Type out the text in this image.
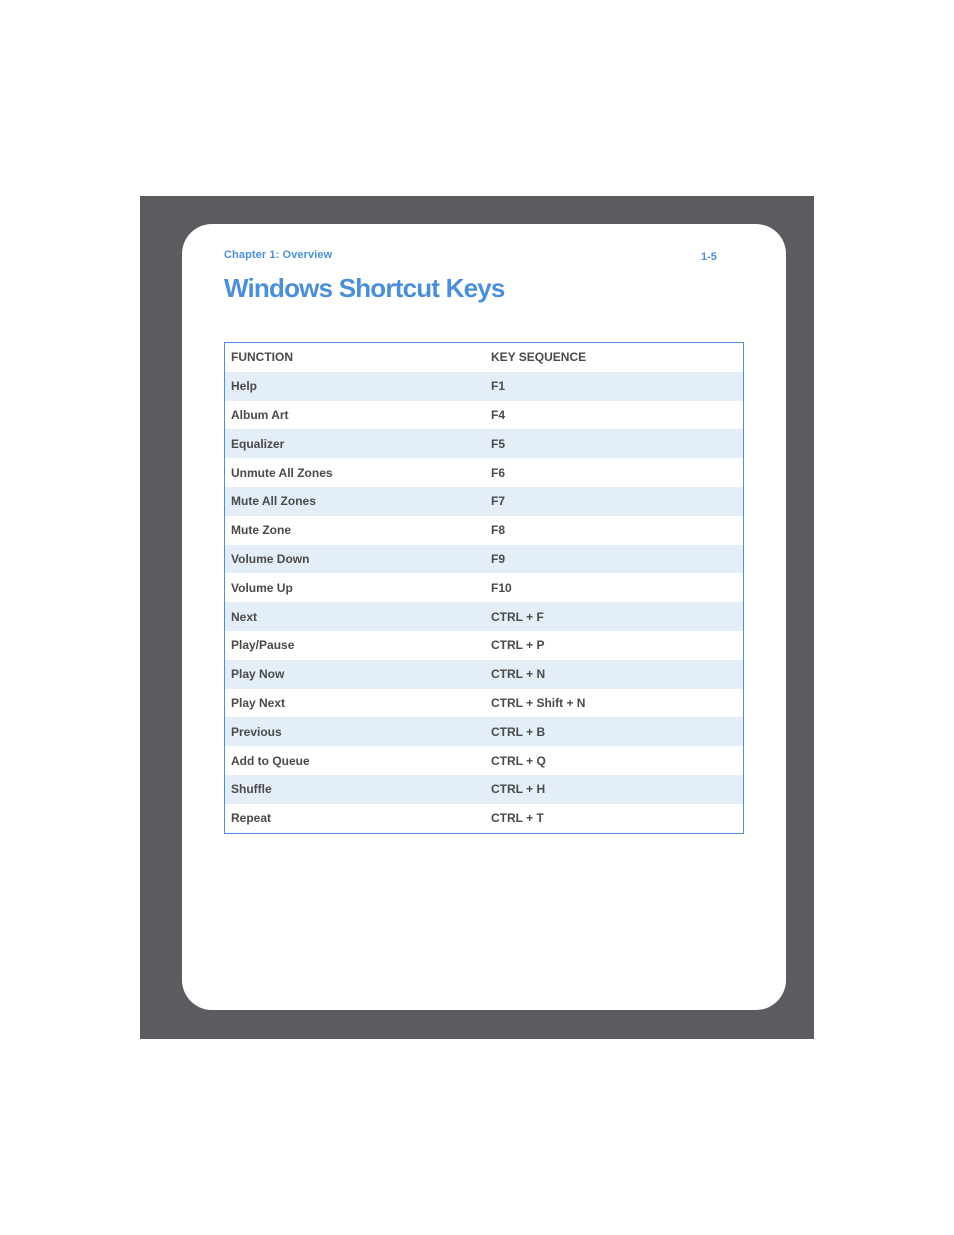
Chapter 1: Overview	1-5
Windows Shortcut Keys
FUNCTION	KEY SEQUENCE
Help	F1
Album Art	F4
Equalizer	F5
Unmute All Zones	F6
Mute All Zones	F7
Mute Zone	F8
Volume Down	F9
Volume Up	F10
Next	CTRL + F
Play/Pause	CTRL + P
Play Now	CTRL + N
Play Next	CTRL + Shift + N
Previous	CTRL + B
Add to Queue	CTRL + Q
Shuffle	CTRL + H
Repeat	CTRL + T
